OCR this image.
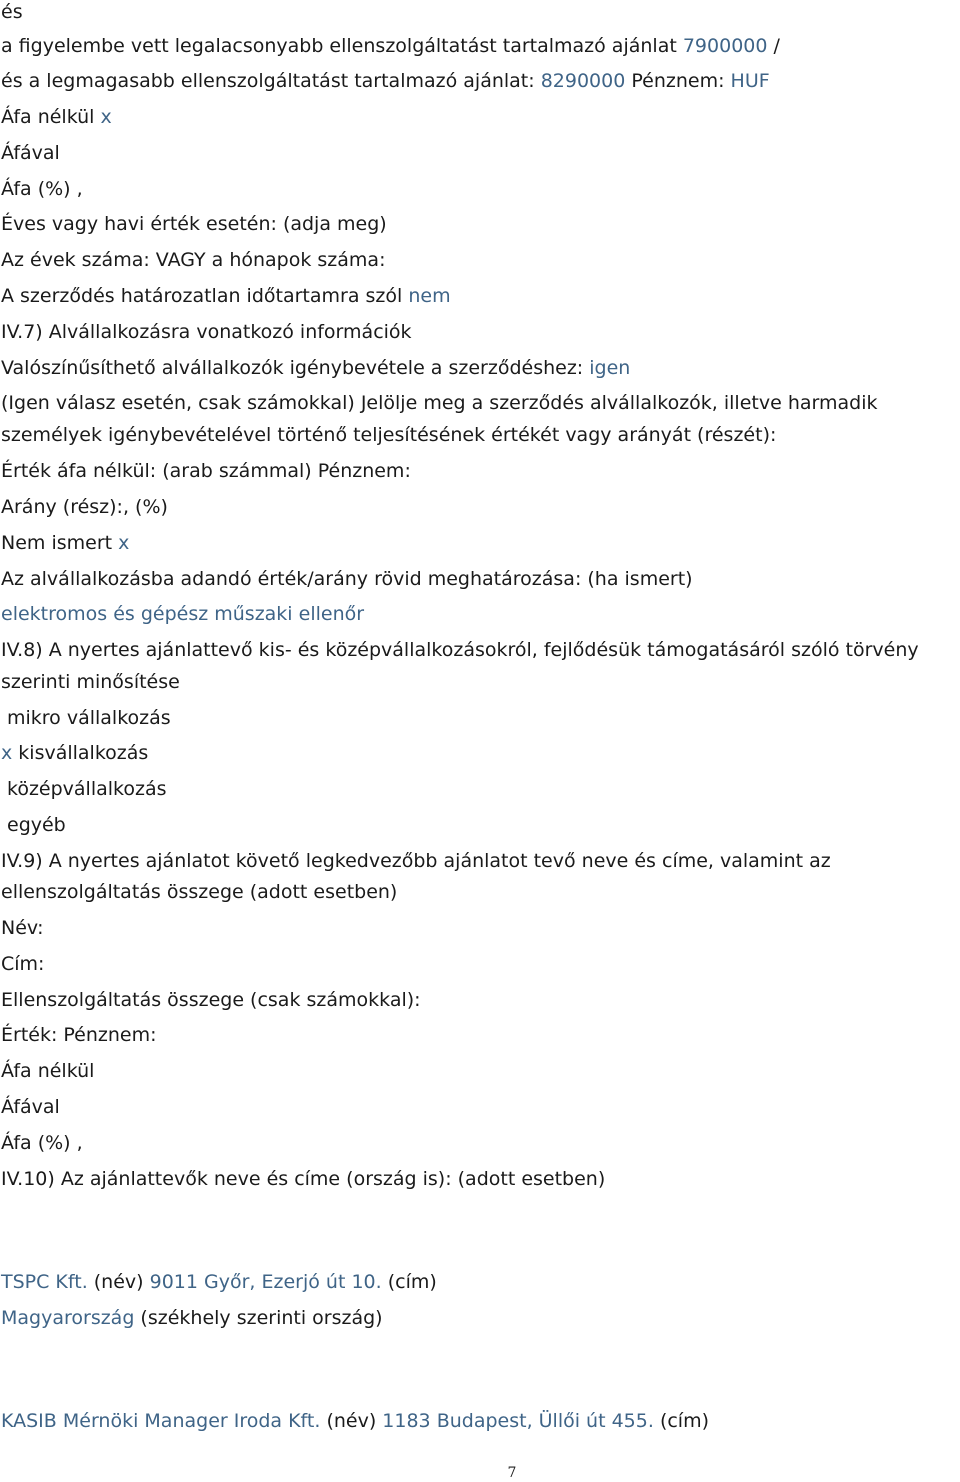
és
a figyelembe vett legalacsonyabb ellenszolgáltatást tartalmazó ajánlat 7900000 /
és a legmagasabb ellenszolgáltatást tartalmazó ajánlat: 8290000 Pénznem: HUF
Áfa nélkül x
Áfával
Áfa (%) ,
Éves vagy havi érték esetén: (adja meg)
Az évek száma: VAGY a hónapok száma:
A szerződés határozatlan időtartamra szól nem
IV.7) Alvállalkozásra vonatkozó információk
Valószínűsíthető alvállalkozók igénybevétele a szerződéshez: igen
(Igen válasz esetén, csak számokkal) Jelölje meg a szerződés alvállalkozók, illetve harmadik
személyek igénybevételével történő teljesítésének értékét vagy arányát (részét):
Érték áfa nélkül: (arab számmal) Pénznem:
Arány (rész):, (%)
Nem ismert x
Az alvállalkozásba adandó érték/arány rövid meghatározása: (ha ismert)
elektromos és gépész műszaki ellenőr
IV.8) A nyertes ajánlattevő kis- és középvállalkozásokról, fejlődésük támogatásáról szóló törvény
szerinti minősítése
mikro vállalkozás
x kisvállalkozás
középvállalkozás
egyéb
IV.9) A nyertes ajánlatot követő legkedvezőbb ajánlatot tevő neve és címe, valamint az
ellenszolgáltatás összege (adott esetben)
Név:
Cím:
Ellenszolgáltatás összege (csak számokkal):
Érték: Pénznem:
Áfa nélkül
Áfával
Áfa (%) ,
IV.10) Az ajánlattevők neve és címe (ország is): (adott esetben)
TSPC Kft. (név) 9011 Győr, Ezerjó út 10. (cím)
Magyarország (székhely szerinti ország)
KASIB Mérnöki Manager Iroda Kft. (név) 1183 Budapest, Üllői út 455. (cím)
7
